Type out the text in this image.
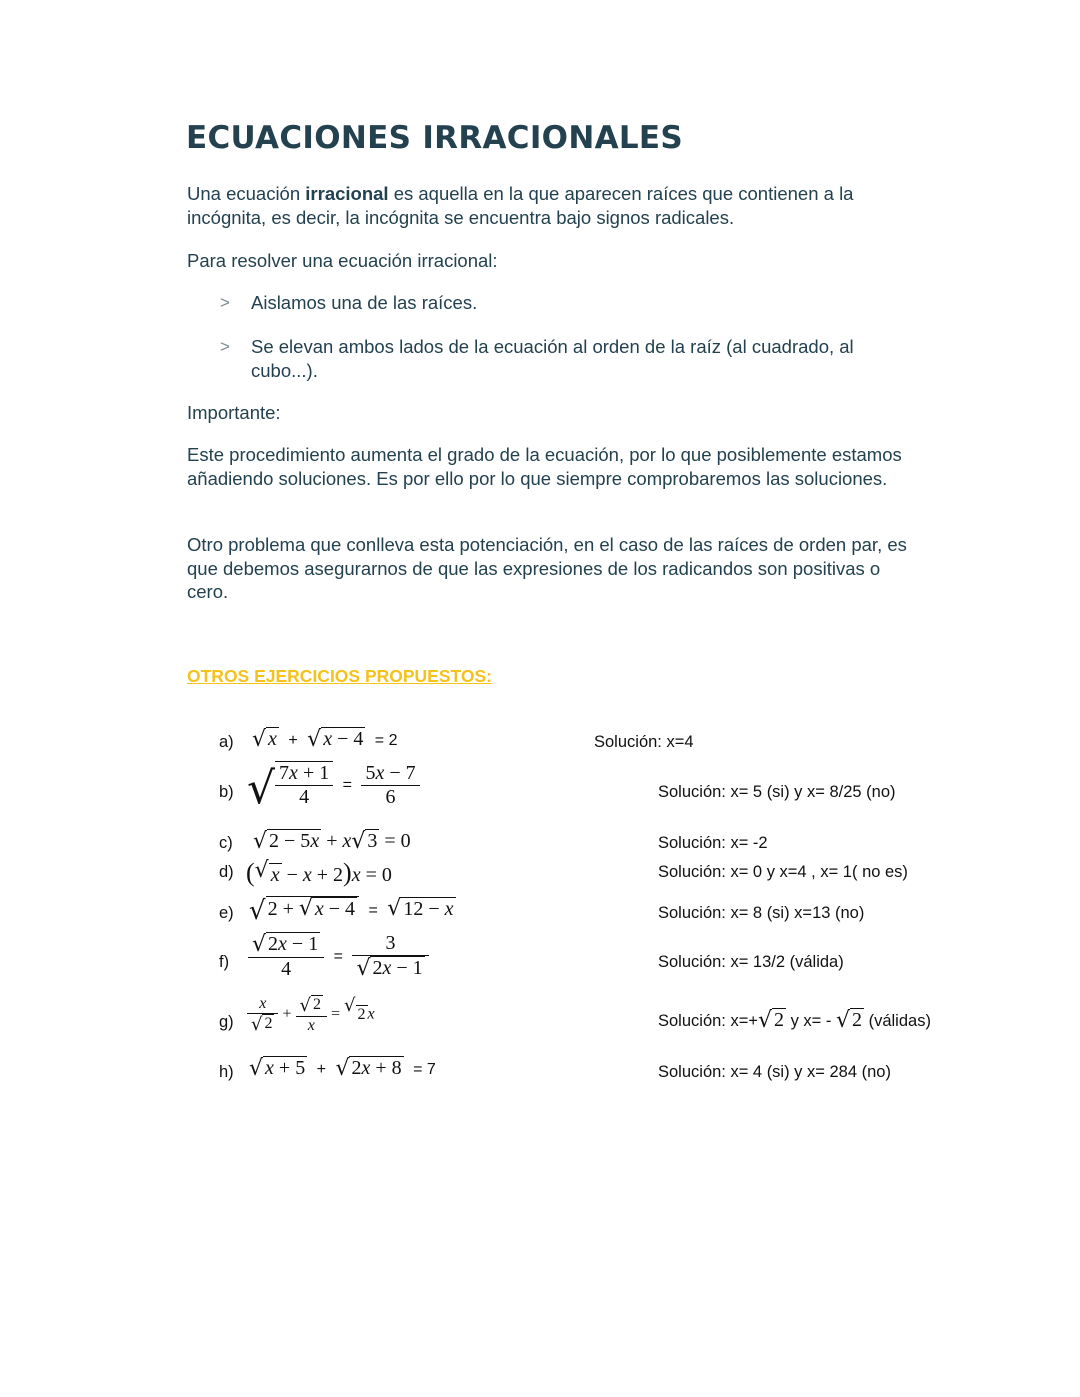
ECUACIONES IRRACIONALES

Una ecuación irracional es aquella en la que aparecen raíces que contienen a la incógnita, es decir, la incógnita se encuentra bajo signos radicales.

Para resolver una ecuación irracional:

> Aislamos una de las raíces.
> Se elevan ambos lados de la ecuación al orden de la raíz (al cuadrado, al cubo...).

Importante:

Este procedimiento aumenta el grado de la ecuación, por lo que posiblemente estamos añadiendo soluciones. Es por ello por lo que siempre comprobaremos las soluciones.

Otro problema que conlleva esta potenciación, en el caso de las raíces de orden par, es que debemos asegurarnos de que las expresiones de los radicandos son positivas o cero.

OTROS EJERCICIOS PROPUESTOS:
a) √ x  +  √ x − 4  = 2	Solución: x=4
b) √ $\frac{7x + 1}{4} = \frac{5x - 7}{6}$	Solución: x= 5 (si) y x= 8/25 (no)
c) √ 2 − 5x + x√ 3 = 0	Solución: x= -2
d) (√ x − x + 2)x = 0	Solución: x= 0 y x=4 , x= 1( no es)
e) √ 2 + √ x − 4  =  √ 12 − x	Solución: x= 8 (si) x=13 (no)
$f) \frac{√ 2x - 1}{4} = \frac{3}{√ 2x - 1}$	Solución: x= 13/2 (válida)
$g) \frac{x}{√ 2} + \frac{√ 2}{x}$ = √ 2 x	Solución: x=+√ 2 y x= - √ 2 (válidas)
h) √ x + 5  +  √ 2x + 8  = 7	Solución: x= 4 (si) y x= 284 (no)
